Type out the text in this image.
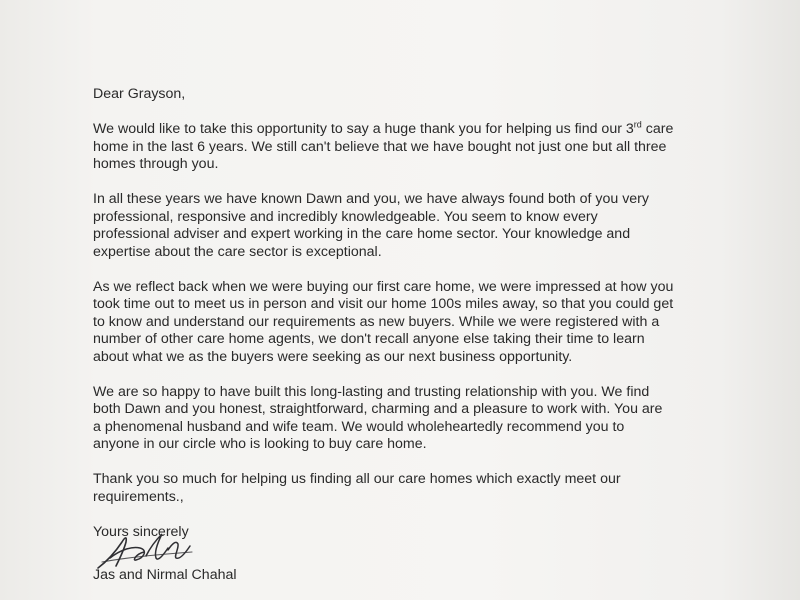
Dear Grayson,
We would like to take this opportunity to say a huge thank you for helping us find our 3rd care
home in the last 6 years. We still can't believe that we have bought not just one but all three
homes through you.
In all these years we have known Dawn and you, we have always found both of you very
professional, responsive and incredibly knowledgeable. You seem to know every
professional adviser and expert working in the care home sector. Your knowledge and
expertise about the care sector is exceptional.
As we reflect back when we were buying our first care home, we were impressed at how you
took time out to meet us in person and visit our home 100s miles away, so that you could get
to know and understand our requirements as new buyers. While we were registered with a
number of other care home agents, we don't recall anyone else taking their time to learn
about what we as the buyers were seeking as our next business opportunity.
We are so happy to have built this long-lasting and trusting relationship with you. We find
both Dawn and you honest, straightforward, charming and a pleasure to work with. You are
a phenomenal husband and wife team. We would wholeheartedly recommend you to
anyone in our circle who is looking to buy care home.
Thank you so much for helping us finding all our care homes which exactly meet our
requirements.,
Yours sincerely
Jas and Nirmal Chahal
